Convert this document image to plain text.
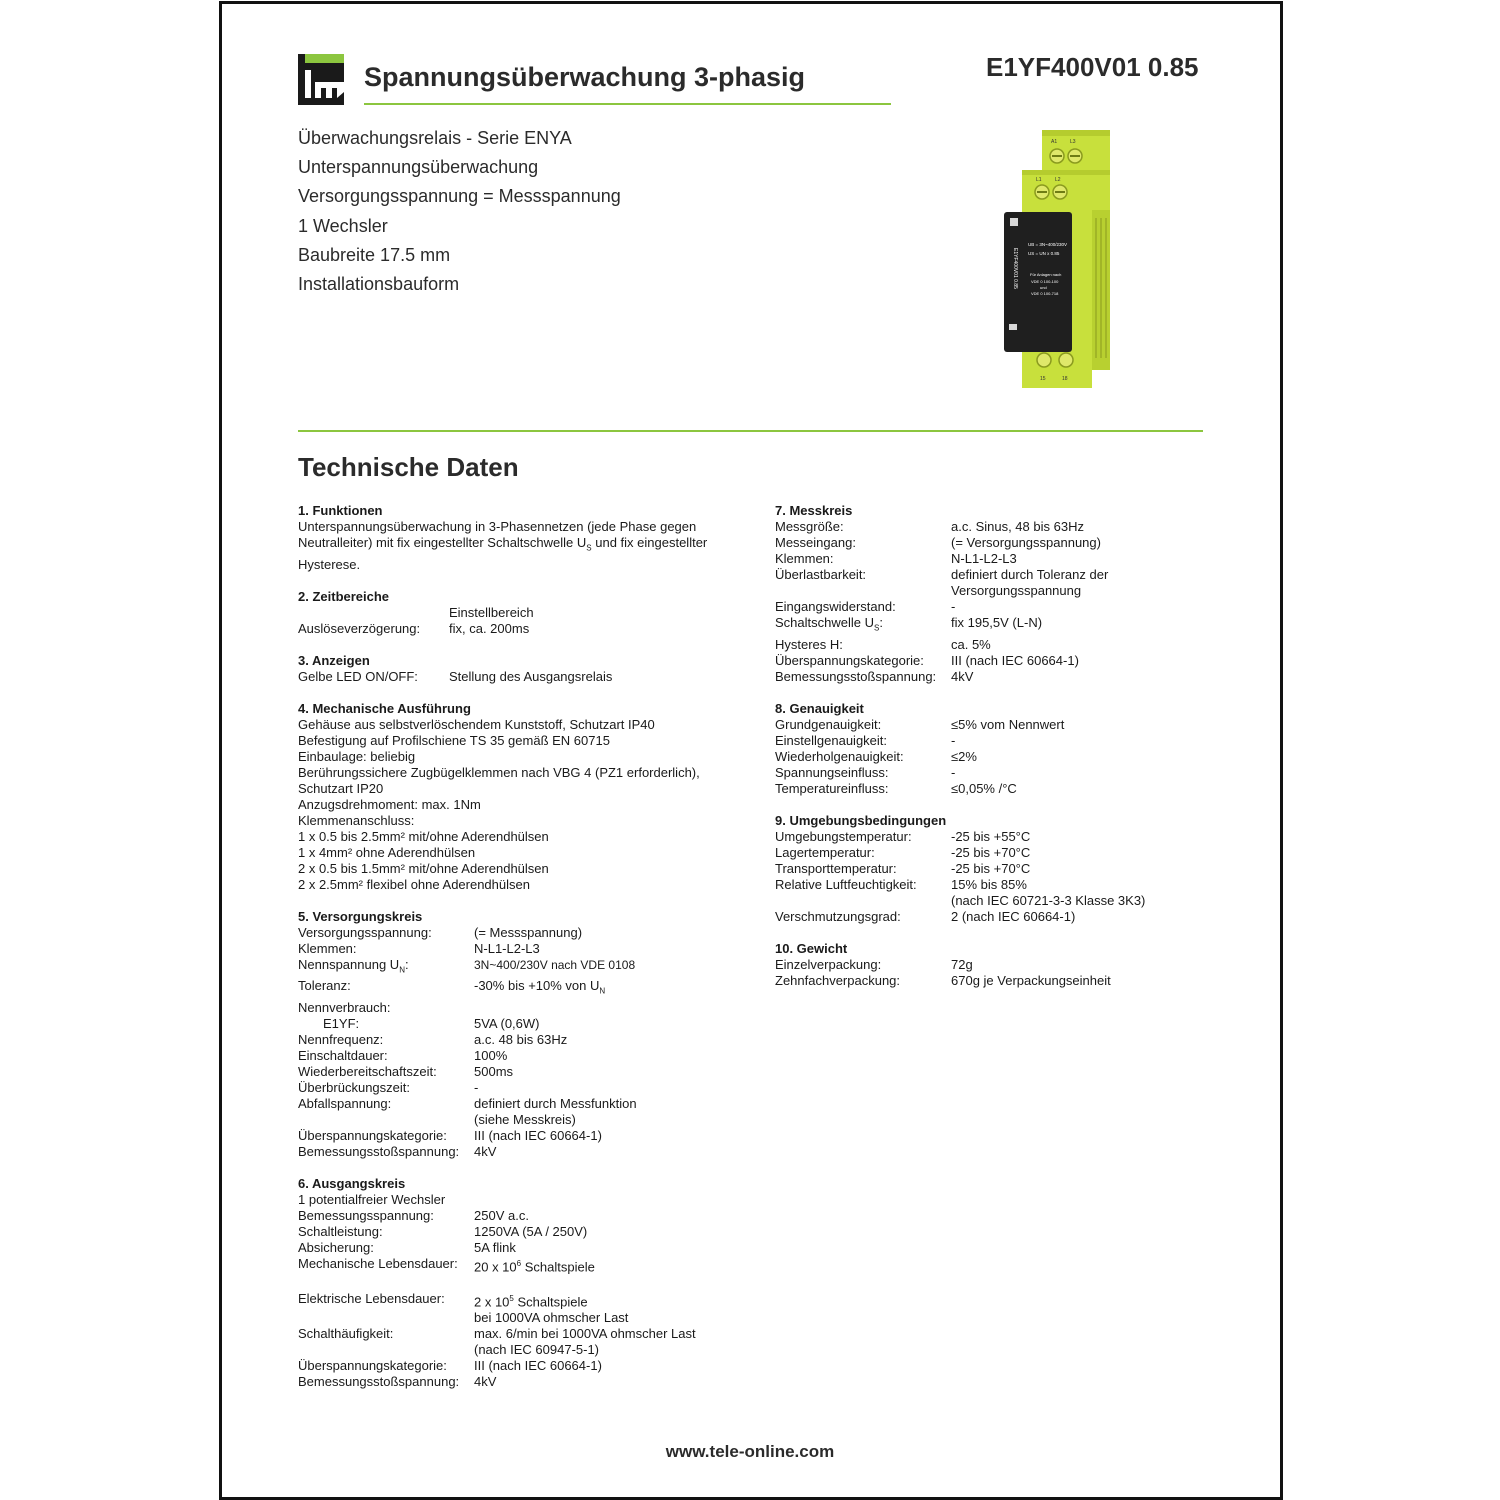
Spannungsüberwachung 3-phasig	E1YF400V01 0.85
Überwachungsrelais - Serie ENYA
Unterspannungsüberwachung
Versorgungsspannung = Messspannung
1 Wechsler
Baubreite 17.5 mm
Installationsbauform
A1	L3
L1	L2
UB = 3N~400/230V
US = UN x 0.85
Für Anlagen nach
VDE 0 100-100
und
VDE 0 100-718
E1YF400V01 0.85
15	18
Technische Daten
1. Funktionen
Unterspannungsüberwachung in 3-Phasennetzen (jede Phase gegen
Neutralleiter) mit fix eingestellter Schaltschwelle $U_S$ und fix eingestellter
Hysterese.
2. Zeitbereiche
Einstellbereich
Auslöseverzögerung:	fix, ca. 200ms
3. Anzeigen
Gelbe LED ON/OFF:	Stellung des Ausgangsrelais
4. Mechanische Ausführung
Gehäuse aus selbstverlöschendem Kunststoff, Schutzart IP40
Befestigung auf Profilschiene TS 35 gemäß EN 60715
Einbaulage: beliebig
Berührungssichere Zugbügelklemmen nach VBG 4 (PZ1 erforderlich),
Schutzart IP20
Anzugsdrehmoment: max. 1Nm
Klemmenanschluss:
1 x 0.5 bis 2.5mm² mit/ohne Aderendhülsen
1 x 4mm² ohne Aderendhülsen
2 x 0.5 bis 1.5mm² mit/ohne Aderendhülsen
2 x 2.5mm² flexibel ohne Aderendhülsen
5. Versorgungskreis
Versorgungsspannung:	(= Messspannung)
Klemmen:	N-L1-L2-L3
Nennspannung $U_N$:	3N~400/230V nach VDE 0108
Toleranz:	-30% bis +10% von $U_N$
Nennverbrauch:
E1YF:	5VA (0,6W)
Nennfrequenz:	a.c. 48 bis 63Hz
Einschaltdauer:	100%
Wiederbereitschaftszeit:	500ms
Überbrückungszeit:	-
Abfallspannung:	definiert durch Messfunktion
(siehe Messkreis)
Überspannungskategorie:	III (nach IEC 60664-1)
Bemessungsstoßspannung:	4kV
6. Ausgangskreis
1 potentialfreier Wechsler
Bemessungsspannung:	250V a.c.
Schaltleistung:	1250VA (5A / 250V)
Absicherung:	5A flink
Mechanische Lebensdauer:	20 x $10^6$ Schaltspiele
Elektrische Lebensdauer:	2 x $10^5$ Schaltspiele
bei 1000VA ohmscher Last
Schalthäufigkeit:	max. 6/min bei 1000VA ohmscher Last
(nach IEC 60947-5-1)
Überspannungskategorie:	III (nach IEC 60664-1)
Bemessungsstoßspannung:	4kV
7. Messkreis
Messgröße:	a.c. Sinus, 48 bis 63Hz
Messeingang:	(= Versorgungsspannung)
Klemmen:	N-L1-L2-L3
Überlastbarkeit:	definiert durch Toleranz der
Versorgungsspannung
Eingangswiderstand:	-
Schaltschwelle $U_S$:	fix 195,5V (L-N)
Hysteres H:	ca. 5%
Überspannungskategorie:	III (nach IEC 60664-1)
Bemessungsstoßspannung:	4kV
8. Genauigkeit
Grundgenauigkeit:	≤5% vom Nennwert
Einstellgenauigkeit:	-
Wiederholgenauigkeit:	≤2%
Spannungseinfluss:	-
Temperatureinfluss:	≤0,05% /°C
9. Umgebungsbedingungen
Umgebungstemperatur:	-25 bis +55°C
Lagertemperatur:	-25 bis +70°C
Transporttemperatur:	-25 bis +70°C
Relative Luftfeuchtigkeit:	15% bis 85%
(nach IEC 60721-3-3 Klasse 3K3)
Verschmutzungsgrad:	2 (nach IEC 60664-1)
10. Gewicht
Einzelverpackung:	72g
Zehnfachverpackung:	670g je Verpackungseinheit
www.tele-online.com
